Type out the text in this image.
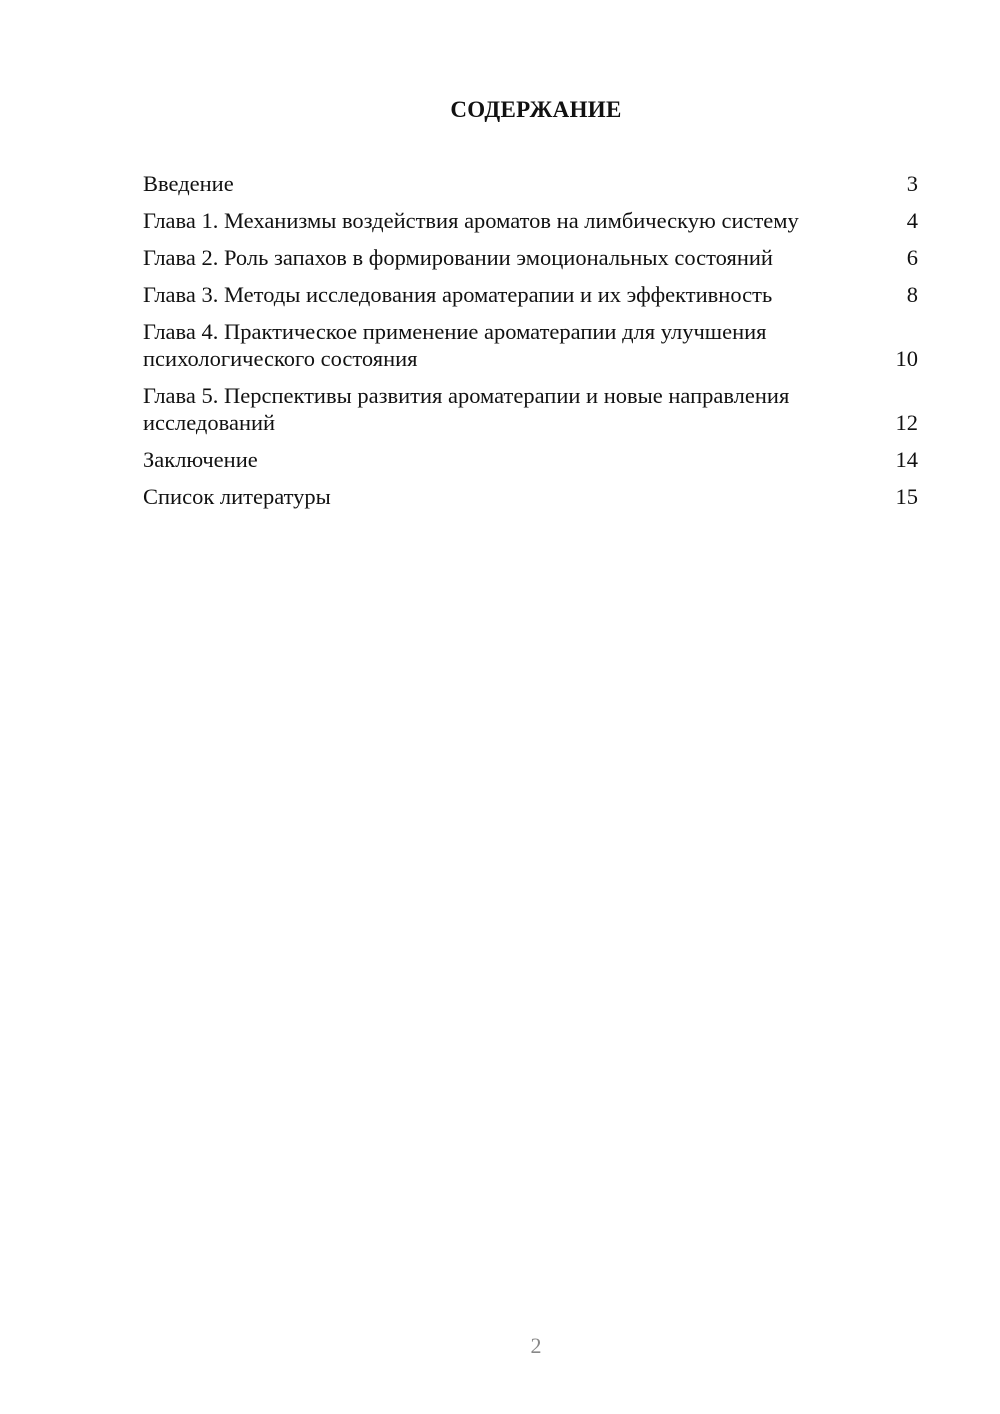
СОДЕРЖАНИЕ
Введение	3
Глава 1. Механизмы воздействия ароматов на лимбическую систему	4
Глава 2. Роль запахов в формировании эмоциональных состояний	6
Глава 3. Методы исследования ароматерапии и их эффективность	8
Глава 4. Практическое применение ароматерапии для улучшения психологического состояния	10
Глава 5. Перспективы развития ароматерапии и новые направления исследований	12
Заключение	14
Список литературы	15

2
